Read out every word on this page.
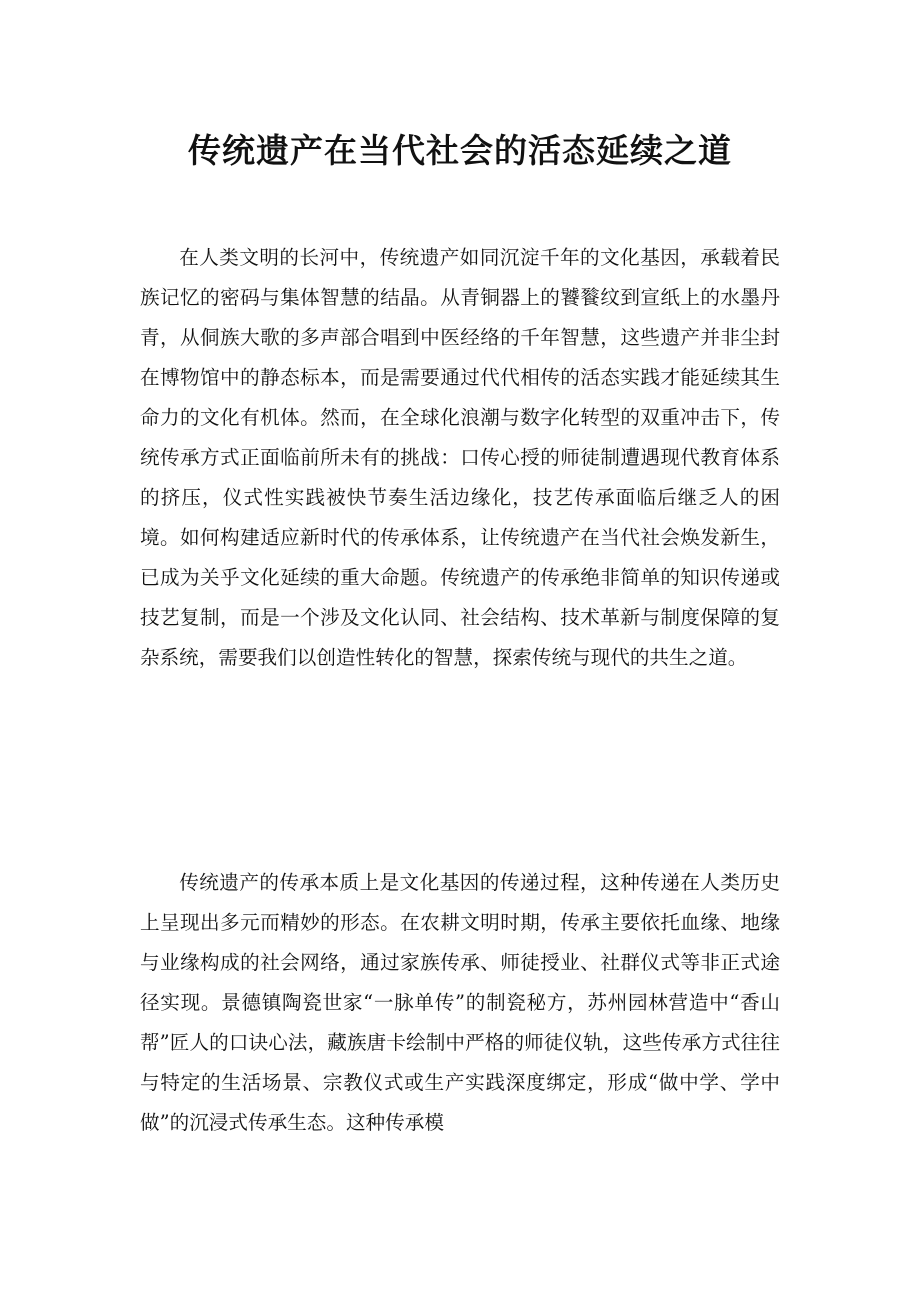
传统遗产在当代社会的活态延续之道

在人类文明的长河中，传统遗产如同沉淀千年的文化基因，承载着民族记忆的密码与集体智慧的结晶。从青铜器上的饕餮纹到宣纸上的水墨丹青，从侗族大歌的多声部合唱到中医经络的千年智慧，这些遗产并非尘封在博物馆中的静态标本，而是需要通过代代相传的活态实践才能延续其生命力的文化有机体。然而，在全球化浪潮与数字化转型的双重冲击下，传统传承方式正面临前所未有的挑战：口传心授的师徒制遭遇现代教育体系的挤压，仪式性实践被快节奏生活边缘化，技艺传承面临后继乏人的困境。如何构建适应新时代的传承体系，让传统遗产在当代社会焕发新生，已成为关乎文化延续的重大命题。传统遗产的传承绝非简单的知识传递或技艺复制，而是一个涉及文化认同、社会结构、技术革新与制度保障的复杂系统，需要我们以创造性转化的智慧，探索传统与现代的共生之道。

传统遗产的传承本质上是文化基因的传递过程，这种传递在人类历史上呈现出多元而精妙的形态。在农耕文明时期，传承主要依托血缘、地缘与业缘构成的社会网络，通过家族传承、师徒授业、社群仪式等非正式途径实现。景德镇陶瓷世家“一脉单传”的制瓷秘方，苏州园林营造中“香山帮”匠人的口诀心法，藏族唐卡绘制中严格的师徒仪轨，这些传承方式往往与特定的生活场景、宗教仪式或生产实践深度绑定，形成“做中学、学中做”的沉浸式传承生态。这种传承模
